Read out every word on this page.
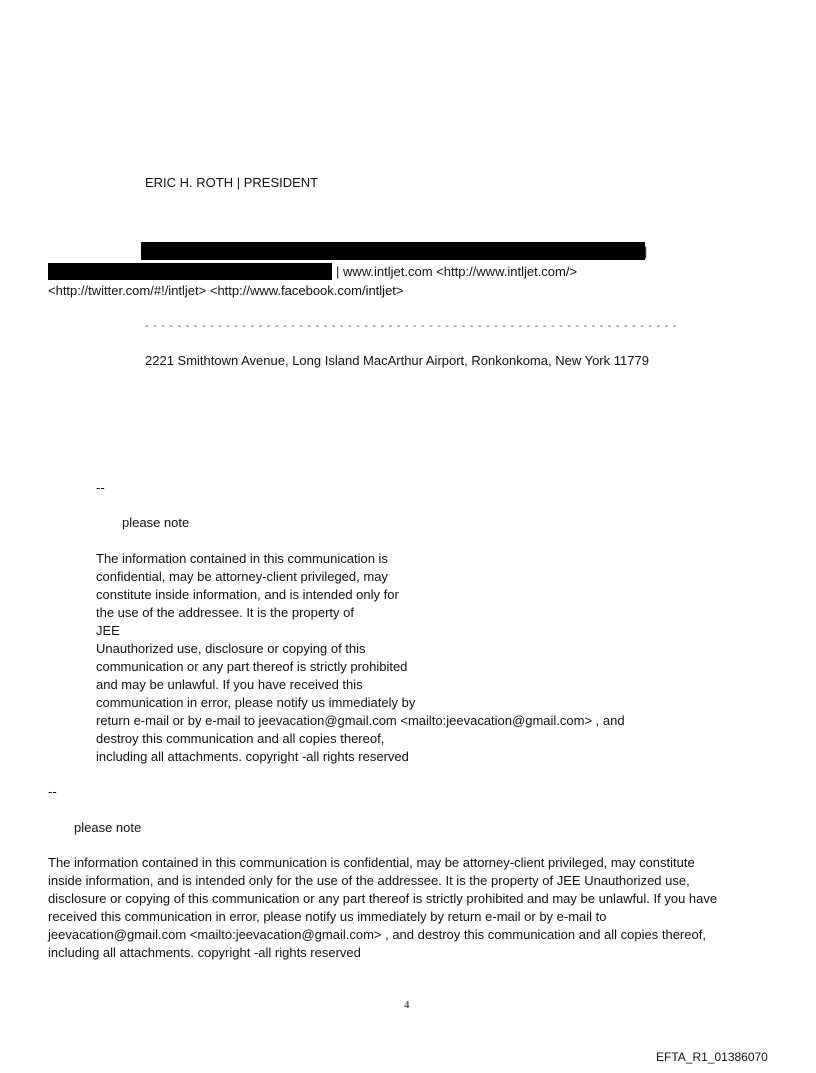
ERIC H. ROTH | PRESIDENT
|
| www.intljet.com <http://www.intljet.com/>
<http://twitter.com/#!/intljet> <http://www.facebook.com/intljet>
- - - - - - - - - - - - - - - - - - - - - - - - - - - - - - - - - - - - - - - - - - - - - - - - - - - - - - - - - - - - - - - - - -
2221 Smithtown Avenue, Long Island MacArthur Airport, Ronkonkoma, New York 11779
--
please note
The information contained in this communication is
confidential, may be attorney-client privileged, may
constitute inside information, and is intended only for
the use of the addressee. It is the property of
JEE
Unauthorized use, disclosure or copying of this
communication or any part thereof is strictly prohibited
and may be unlawful. If you have received this
communication in error, please notify us immediately by
return e-mail or by e-mail to jeevacation@gmail.com <mailto:jeevacation@gmail.com> , and
destroy this communication and all copies thereof,
including all attachments. copyright -all rights reserved
--
please note
The information contained in this communication is confidential, may be attorney-client privileged, may constitute
inside information, and is intended only for the use of the addressee. It is the property of JEE Unauthorized use,
disclosure or copying of this communication or any part thereof is strictly prohibited and may be unlawful. If you have
received this communication in error, please notify us immediately by return e-mail or by e-mail to
jeevacation@gmail.com <mailto:jeevacation@gmail.com> , and destroy this communication and all copies thereof,
including all attachments. copyright -all rights reserved
4
EFTA_R1_01386070
